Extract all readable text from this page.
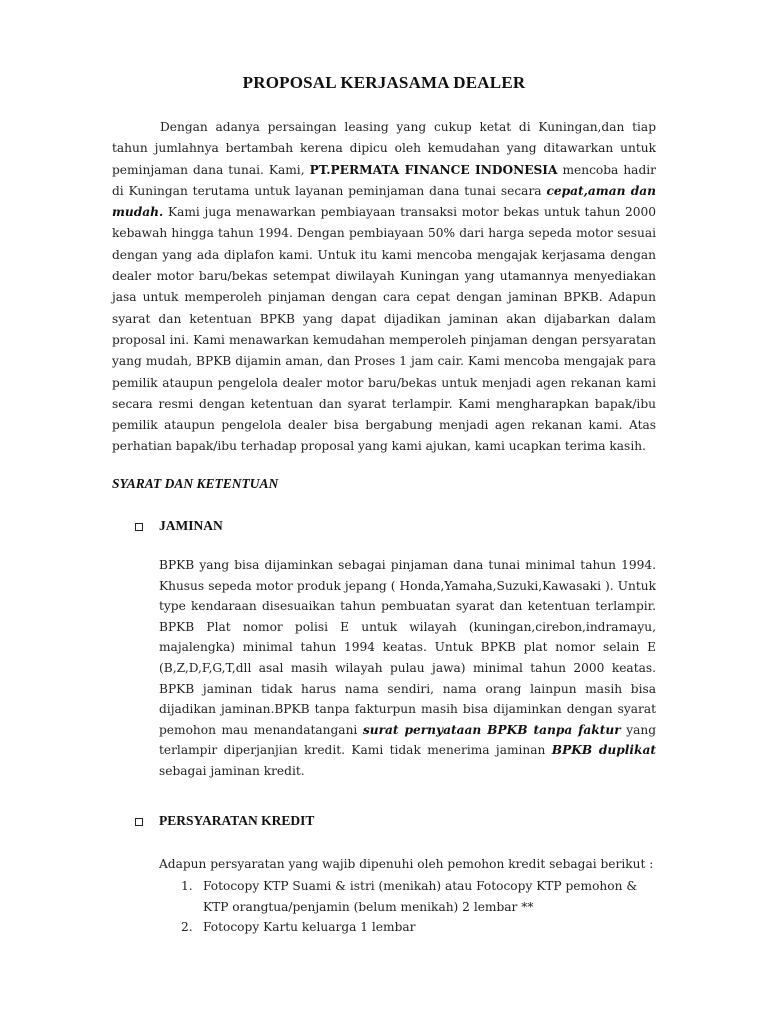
PROPOSAL KERJASAMA DEALER
Dengan adanya persaingan leasing yang cukup ketat di Kuningan,dan tiap tahun jumlahnya bertambah kerena dipicu oleh kemudahan yang ditawarkan untuk peminjaman dana tunai. Kami, PT.PERMATA FINANCE INDONESIA mencoba hadir di Kuningan terutama untuk layanan peminjaman dana tunai secara cepat,aman dan mudah. Kami juga menawarkan pembiayaan transaksi motor bekas untuk tahun 2000 kebawah hingga tahun 1994. Dengan pembiayaan 50% dari harga sepeda motor sesuai dengan yang ada diplafon kami. Untuk itu kami mencoba mengajak kerjasama dengan dealer motor baru/bekas setempat diwilayah Kuningan yang utamannya menyediakan jasa untuk memperoleh pinjaman dengan cara cepat dengan jaminan BPKB. Adapun syarat dan ketentuan BPKB yang dapat dijadikan jaminan akan dijabarkan dalam proposal ini. Kami menawarkan kemudahan memperoleh pinjaman dengan persyaratan yang mudah, BPKB dijamin aman, dan Proses 1 jam cair. Kami mencoba mengajak para pemilik ataupun pengelola dealer motor baru/bekas untuk menjadi agen rekanan kami secara resmi dengan ketentuan dan syarat terlampir. Kami mengharapkan bapak/ibu pemilik ataupun pengelola dealer bisa bergabung menjadi agen rekanan kami. Atas perhatian bapak/ibu terhadap proposal yang kami ajukan, kami ucapkan terima kasih.
SYARAT DAN KETENTUAN
JAMINAN
BPKB yang bisa dijaminkan sebagai pinjaman dana tunai minimal tahun 1994. Khusus sepeda motor produk jepang ( Honda,Yamaha,Suzuki,Kawasaki ). Untuk type kendaraan disesuaikan tahun pembuatan syarat dan ketentuan terlampir. BPKB Plat nomor polisi E untuk wilayah (kuningan,cirebon,indramayu, majalengka) minimal tahun 1994 keatas. Untuk BPKB plat nomor selain E (B,Z,D,F,G,T,dll asal masih wilayah pulau jawa) minimal tahun 2000 keatas. BPKB jaminan tidak harus nama sendiri, nama orang lainpun masih bisa dijadikan jaminan.BPKB tanpa fakturpun masih bisa dijaminkan dengan syarat pemohon mau menandatangani surat pernyataan BPKB tanpa faktur yang terlampir diperjanjian kredit. Kami tidak menerima jaminan BPKB duplikat sebagai jaminan kredit.
PERSYARATAN KREDIT
Adapun persyaratan yang wajib dipenuhi oleh pemohon kredit sebagai berikut :
1. Fotocopy KTP Suami & istri (menikah) atau Fotocopy KTP pemohon & KTP orangtua/penjamin (belum menikah) 2 lembar **
2. Fotocopy Kartu keluarga 1 lembar
